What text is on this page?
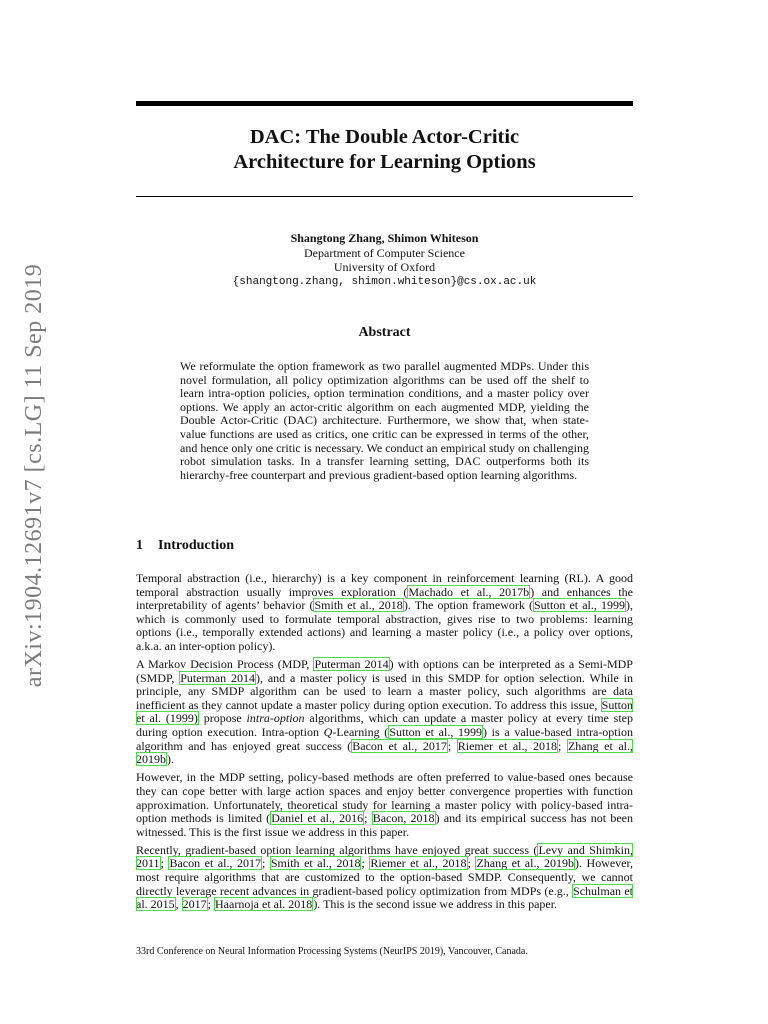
arXiv:1904.12691v7 [cs.LG] 11 Sep 2019
DAC: The Double Actor-Critic
Architecture for Learning Options
Shangtong Zhang, Shimon Whiteson
Department of Computer Science
University of Oxford
{shangtong.zhang, shimon.whiteson}@cs.ox.ac.uk
Abstract

We reformulate the option framework as two parallel augmented MDPs. Under this novel formulation, all policy optimization algorithms can be used off the shelf to learn intra-option policies, option termination conditions, and a master policy over options. We apply an actor-critic algorithm on each augmented MDP, yielding the Double Actor-Critic (DAC) architecture. Furthermore, we show that, when state-value functions are used as critics, one critic can be expressed in terms of the other, and hence only one critic is necessary. We conduct an empirical study on challenging robot simulation tasks. In a transfer learning setting, DAC outperforms both its hierarchy-free counterpart and previous gradient-based option learning algorithms.

1 Introduction

Temporal abstraction (i.e., hierarchy) is a key component in reinforcement learning (RL). A good temporal abstraction usually improves exploration (Machado et al., 2017b) and enhances the interpretability of agents’ behavior (Smith et al., 2018). The option framework (Sutton et al., 1999), which is commonly used to formulate temporal abstraction, gives rise to two problems: learning options (i.e., temporally extended actions) and learning a master policy (i.e., a policy over options, a.k.a. an inter-option policy).

A Markov Decision Process (MDP, Puterman 2014) with options can be interpreted as a Semi-MDP (SMDP, Puterman 2014), and a master policy is used in this SMDP for option selection. While in principle, any SMDP algorithm can be used to learn a master policy, such algorithms are data inefficient as they cannot update a master policy during option execution. To address this issue, Sutton et al. (1999) propose intra-option algorithms, which can update a master policy at every time step during option execution. Intra-option Q-Learning (Sutton et al., 1999) is a value-based intra-option algorithm and has enjoyed great success (Bacon et al., 2017; Riemer et al., 2018; Zhang et al., 2019b).

However, in the MDP setting, policy-based methods are often preferred to value-based ones because they can cope better with large action spaces and enjoy better convergence properties with function approximation. Unfortunately, theoretical study for learning a master policy with policy-based intra-option methods is limited (Daniel et al., 2016; Bacon, 2018) and its empirical success has not been witnessed. This is the first issue we address in this paper.

Recently, gradient-based option learning algorithms have enjoyed great success (Levy and Shimkin, 2011; Bacon et al., 2017; Smith et al., 2018; Riemer et al., 2018; Zhang et al., 2019b). However, most require algorithms that are customized to the option-based SMDP. Consequently, we cannot directly leverage recent advances in gradient-based policy optimization from MDPs (e.g., Schulman et al. 2015, 2017; Haarnoja et al. 2018). This is the second issue we address in this paper.

33rd Conference on Neural Information Processing Systems (NeurIPS 2019), Vancouver, Canada.
